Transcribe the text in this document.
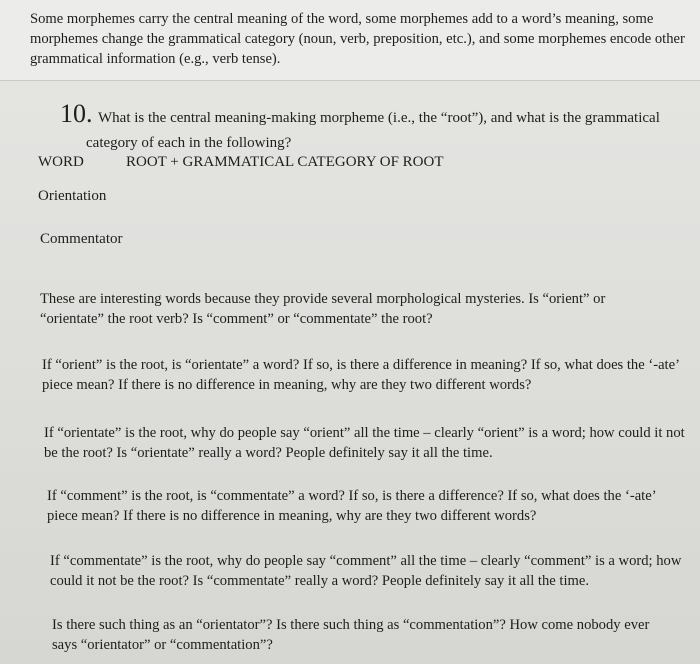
Some morphemes carry the central meaning of the word, some morphemes add to a word’s meaning, some morphemes change the grammatical category (noun, verb, preposition, etc.), and some morphemes encode other grammatical information (e.g., verb tense).

10. What is the central meaning-making morpheme (i.e., the “root”), and what is the grammatical
category of each in the following?
WORD	ROOT + GRAMMATICAL CATEGORY OF ROOT
Orientation
Commentator

These are interesting words because they provide several morphological mysteries. Is “orient” or “orientate” the root verb? Is “comment” or “commentate” the root?

If “orient” is the root, is “orientate” a word? If so, is there a difference in meaning? If so, what does the ‘-ate’ piece mean? If there is no difference in meaning, why are they two different words?

If “orientate” is the root, why do people say “orient” all the time – clearly “orient” is a word; how could it not be the root? Is “orientate” really a word? People definitely say it all the time.

If “comment” is the root, is “commentate” a word? If so, is there a difference? If so, what does the ‘-ate’ piece mean? If there is no difference in meaning, why are they two different words?

If “commentate” is the root, why do people say “comment” all the time – clearly “comment” is a word; how could it not be the root? Is “commentate” really a word? People definitely say it all the time.

Is there such thing as an “orientator”? Is there such thing as “commentation”? How come nobody ever says “orientator” or “commentation”?
